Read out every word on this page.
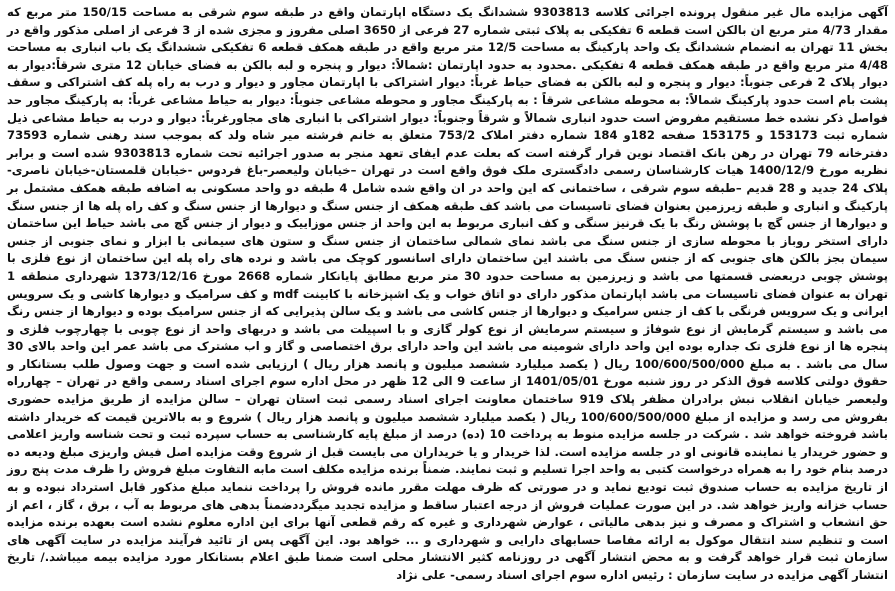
آگهی مزایده مال غیر منقول پرونده اجرائی کلاسه 9303813 ششدانگ یک دستگاه اپارتمان واقع در طبقه سوم شرقی به مساحت 150/15 متر مربع که مقدار 4/73 متر مربع ان بالکن است قطعه 6 تفکیکی به پلاک ثبتی شماره 27 فرعی از 3650 اصلی مفروز و مجزی شده از 3 فرعی از اصلی مذکور واقع در بخش 11 تهران به انضمام ششدانگ یک واحد پارکینگ به مساحت 12/5 متر مربع واقع در طبقه همکف قطعه 6 تفکیکی ششدانگ یک باب انباری به مساحت 4/48 متر مربع واقع در طبقه همکف قطعه 4 تفکیکی .محدود به حدود اپارتمان :شمالاً: دیوار و پنجره و لبه بالکن به فضای خیابان 12 متری شرقاً:دیوار به دیوار پلاک 2 فرعی جنوباً: دیوار و پنجره و لبه بالکن به فضای حیاط غرباً: دیوار اشتراکی با اپارتمان مجاور و دیوار و درب به راه پله کف اشتراکی و سقف پشت بام است حدود پارکینگ شمالاً: به محوطه مشاعی شرقاً : به پارکینگ مجاور و محوطه مشاعی جنوباً: دیوار به حیاط مشاعی غرباً: به پارکینگ مجاور حد فواصل ذکر نشده خط مستقیم مفروض است حدود انباری شمالاً و شرقاً وجنوباً: دیوار اشتراکی با انباری های مجاورغرباً: دیوار و درب به حیاط مشاعی ذیل شماره ثبت 153173 و 153175 صفحه 182و 184 شماره دفتر املاک 753/2 متعلق به خانم فرشته میر شاه ولد که بموجب سند رهنی شماره 73593 دفترخانه 79 تهران در رهن بانک اقتصاد نوین قرار گرفته است که بعلت عدم ایفای تعهد منجر به صدور اجرائیه تحت شماره 9303813 شده است و برابر نظریه مورخ 1400/12/9 هیات کارشناسان رسمی دادگستری ملک فوق واقع است در تهران –خیابان ولیعصر-باغ فردوس -خیابان قلمستان-خیابان ناصری- پلاک 24 جدید و 28 قدیم –طبقه سوم شرقی ، ساختمانی که این واحد در ان واقع شده شامل 4 طبقه دو واحد مسکونی به اضافه طبقه همکف مشتمل بر پارکینگ و انباری و طبقه زیرزمین بعنوان فضای تاسیسات می باشد کف طبقه همکف از جنس سنگ و دیوارها از جنس سنگ و کف راه پله ها از جنس سنگ و دیوارها از جنس گچ با پوشش رنگ با یک قرنیز سنگی و کف انباری مربوط به این واحد از جنس موزاییک و دیوار از جنس گچ می باشد حیاط این ساختمان دارای استخر روباز با محوطه سازی از جنس سنگ می باشد نمای شمالی ساختمان از جنس سنگ و ستون های سیمانی با ابزار و نمای جنوبی از جنس سیمان بجز بالکن های جنوبی که از جنس سنگ می باشند این ساختمان دارای اسانسور کوچک می باشد و نرده های راه پله این ساختمان از نوع فلزی با پوشش چوبی دربعضی قسمتها می باشد و زیرزمین به مساحت حدود 30 متر مربع مطابق پایانکار شماره 2668 مورخ 1373/12/16 شهرداری منطقه 1 تهران به عنوان فضای تاسیسات می باشد اپارتمان مذکور دارای دو اتاق خواب و یک اشپزخانه با کابینت mdf و کف سرامیک و دیوارها کاشی و یک سرویس ایرانی و یک سرویس فرنگی با کف از جنس سرامیک و دیوارها از جنس کاشی می باشد و یک سالن پذیرایی که از جنس سرامیک بوده و دیوارها از جنس رنگ می باشد و سیستم گرمایش از نوع شوفاژ و سیستم سرمایش از نوع کولر گازی و با اسپیلت می باشد و دربهای واحد از نوع چوبی با چهارچوب فلزی و پنجره ها از نوع فلزی تک جداره بوده این واحد دارای شومینه می باشد این واحد دارای برق اختصاصی و گاز و اب مشترک می باشد عمر این واحد بالای 30 سال می باشد . به مبلغ 100/600/500/000 ریال ( یکصد میلیارد ششصد میلیون و پانصد هزار ریال ) ارزیابی شده است و جهت وصول طلب بستانکار و حقوق دولتی کلاسه فوق الذکر در روز شنبه مورخ 1401/05/01 از ساعت 9 الی 12 ظهر در محل اداره سوم اجرای اسناد رسمی واقع در تهران – چهارراه ولیعصر خیابان انقلاب نبش برادران مظفر پلاک 919 ساختمان معاونت اجرای اسناد رسمی ثبت استان تهران – سالن مزایده از طریق مزایده حضوری بفروش می رسد و مزایده از مبلغ 100/600/500/000 ریال ( یکصد میلیارد ششصد میلیون و پانصد هزار ریال ) شروع و به بالاترین قیمت که خریدار داشته باشد فروخته خواهد شد . شرکت در جلسه مزایده منوط به پرداخت 10 (ده) درصد از مبلغ پایه کارشناسی به حساب سپرده ثبت و تحت شناسه واریز اعلامی و حضور خریدار یا نماینده قانونی او در جلسه مزایده است. لذا خریدار و یا خریداران می بایست قبل از شروع وقت مزایده اصل فیش واریزی مبلغ ودیعه ده درصد بنام خود را به همراه درخواست کتبی به واحد اجرا تسلیم و ثبت نمایند. ضمناً برنده مزایده مکلف است مابه التفاوت مبلغ فروش را ظرف مدت پنج روز از تاریخ مزایده به حساب صندوق ثبت تودیع نماید و در صورتی که ظرف مهلت مقرر مانده فروش را پرداخت ننماید مبلغ مذکور قابل استرداد نبوده و به حساب خزانه واریز خواهد شد. در این صورت عملیات فروش از درجه اعتبار ساقط و مزایده تجدید میگرددضمناً بدهی های مربوط به آب ، برق ، گاز ، اعم از حق انشعاب و اشتراک و مصرف و نیز بدهی مالیاتی ، عوارض شهرداری و غیره که رقم قطعی آنها برای این اداره معلوم نشده است بعهده برنده مزایده است و تنظیم سند انتقال موکول به ارائه مفاصا حسابهای دارایی و شهرداری و ... خواهد بود. این آگهی پس از تائید فرآیند مزایده در سایت آگهی های سازمان ثبت قرار خواهد گرفت و به محض انتشار آگهی در روزنامه کثیر الانتشار محلی است ضمنا طبق اعلام بستانکار مورد مزایده بیمه میباشد./ تاریخ انتشار آگهی مزایده در سایت سازمان : رئیس اداره سوم اجرای اسناد رسمی- علی نژاد
